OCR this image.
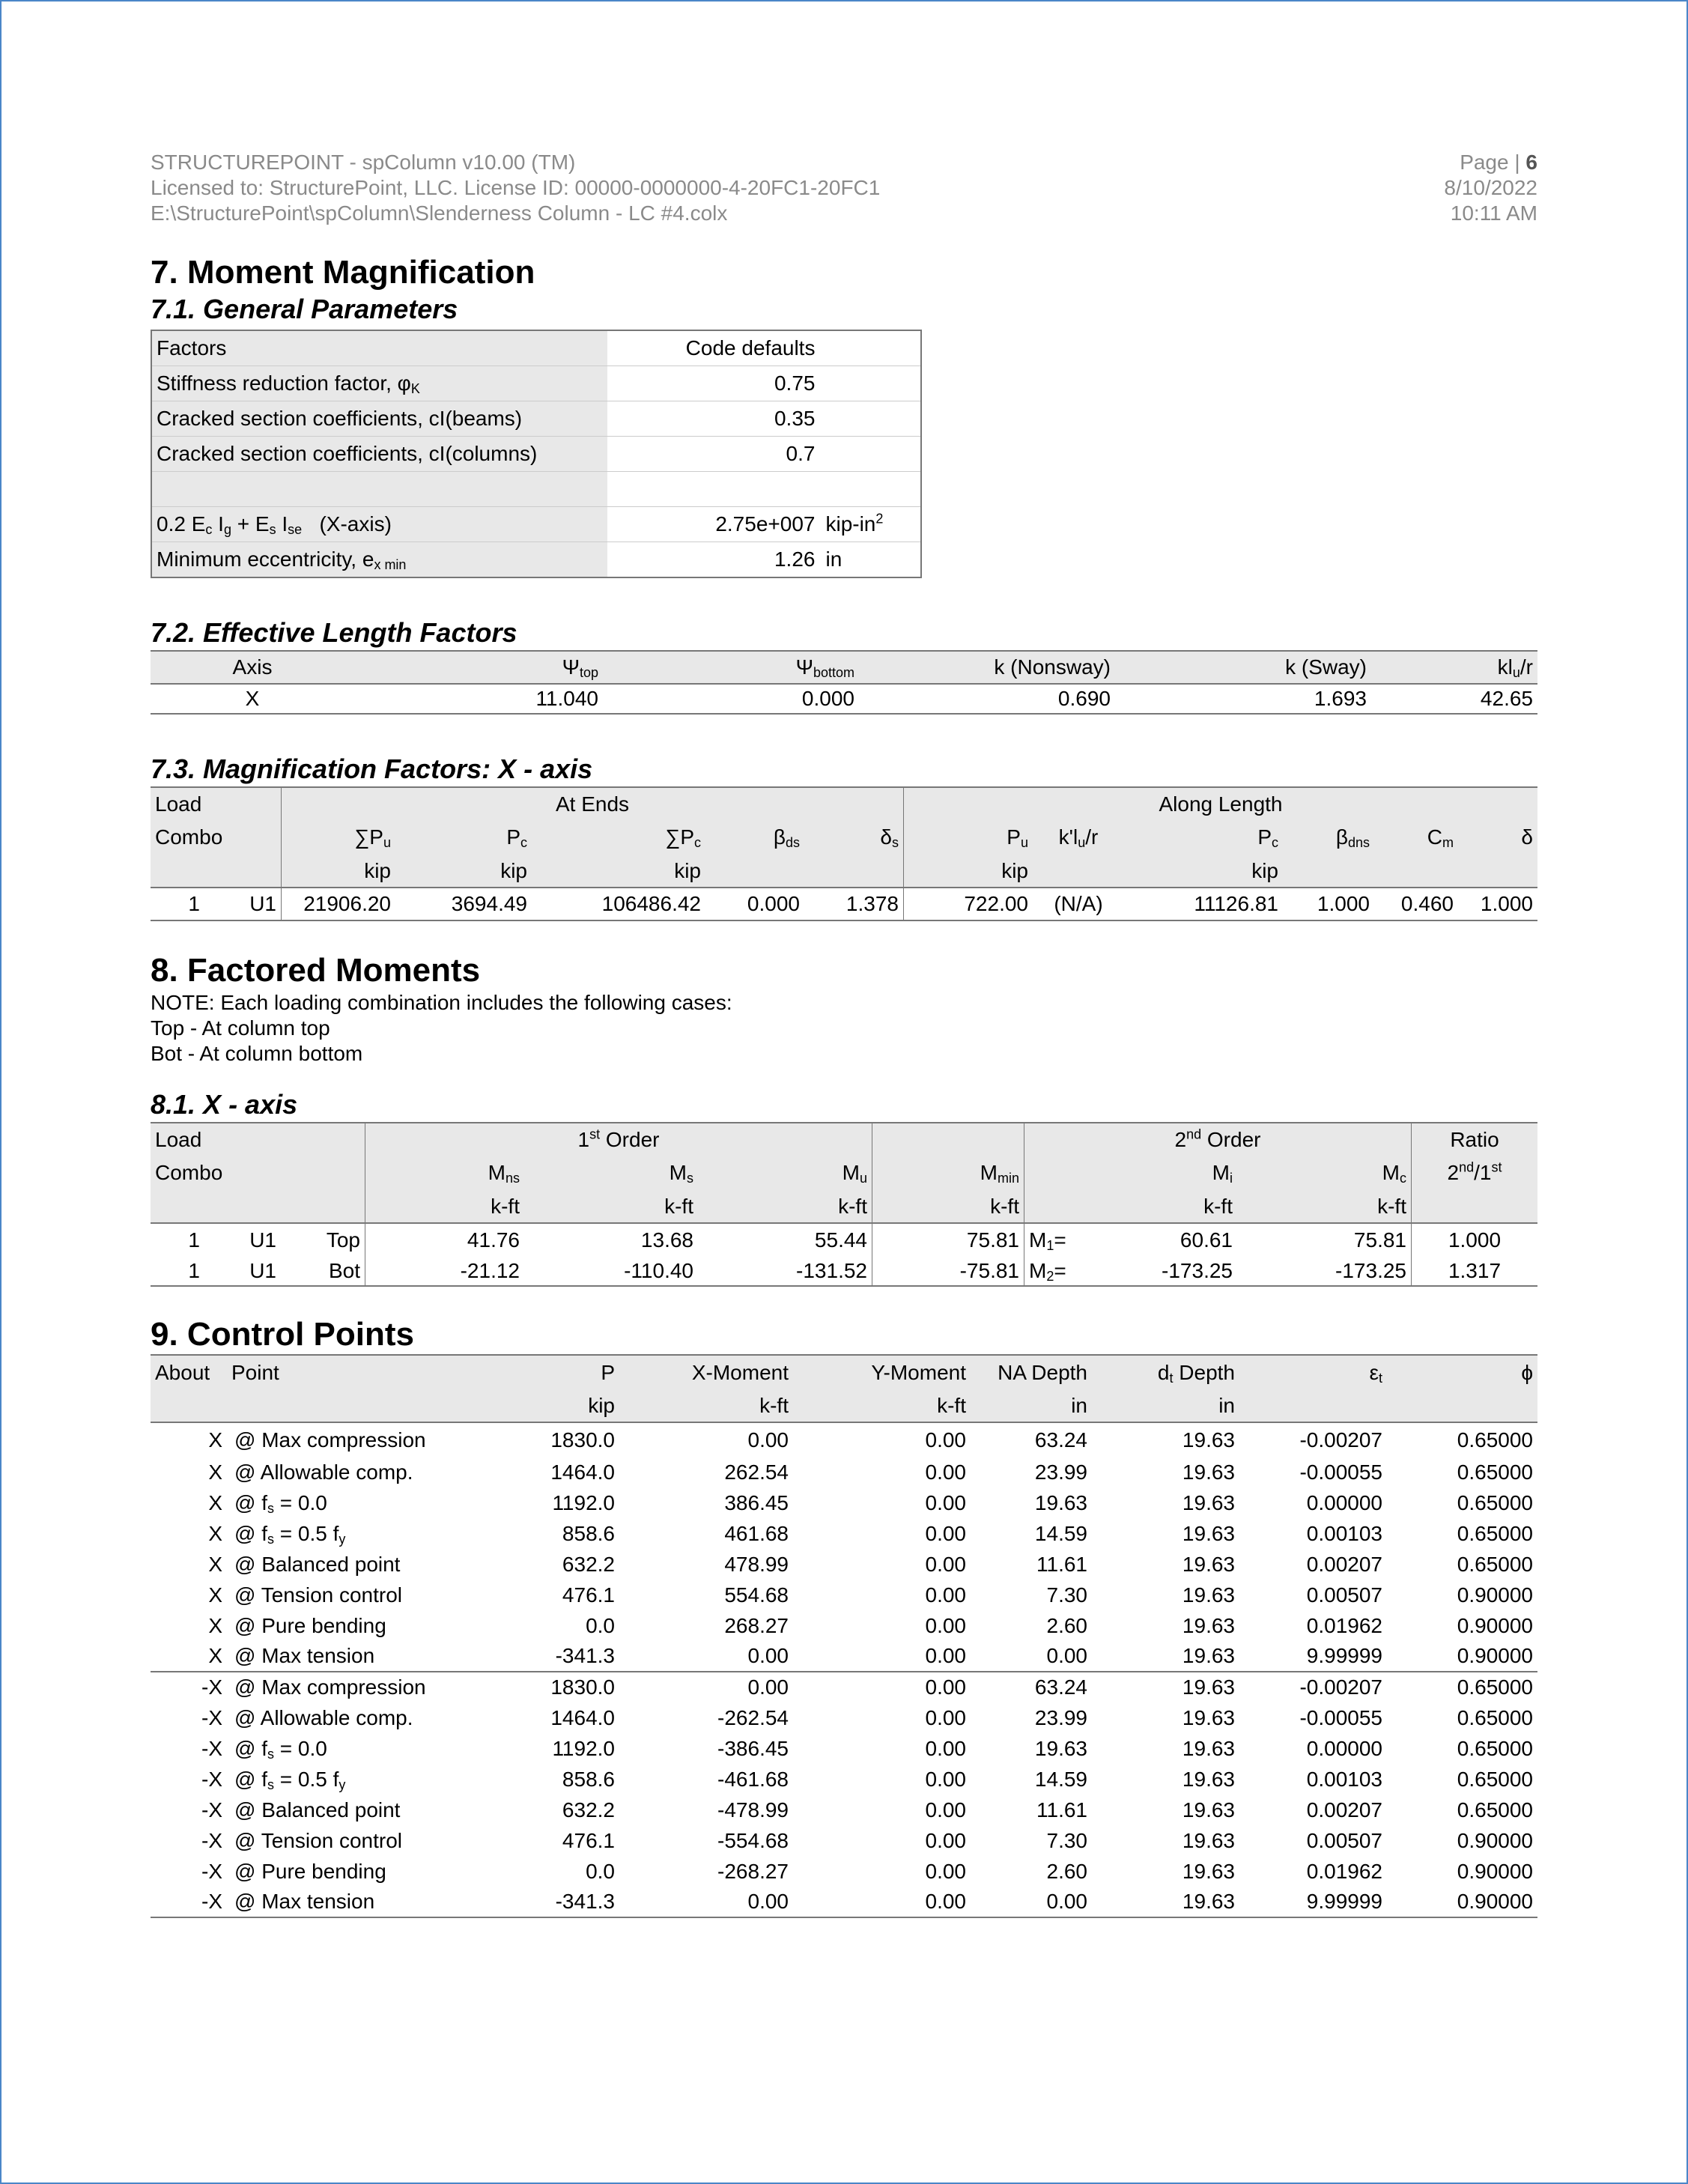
STRUCTUREPOINT - spColumn v10.00 (TM)
Licensed to: StructurePoint, LLC. License ID: 00000-0000000-4-20FC1-20FC1
E:\StructurePoint\spColumn\Slenderness Column - LC #4.colx
Page | 6
8/10/2022
10:11 AM
7. Moment Magnification
7.1. General Parameters
Factors	Code defaults	
Stiffness reduction factor, $\varphi_K$	0.75	
Cracked section coefficients, cI(beams)	0.35	
Cracked section coefficients, cI(columns)	0.7	

0.2 $E_c$ $I_g + E_s$ $I_{se}$   (X-axis)	2.75e+007	kip-$in^2$
Minimum eccentricity, $e_{x min}$	1.26	in
7.2. Effective Length Factors
Axis	$\Psi_{top}$	$\Psi_{bottom}$	k (Nonsway)	k (Sway)	$kl_u/r$
X	11.040	0.000	0.690	1.693	42.65
7.3. Magnification Factors: X - axis
Load		At Ends					Along Length					
Combo		$\sum P_u$	$P_c$	$\sum P_c$	$\beta_{ds}$	$\delta_s$	$P_u$	$k'l_u/r$	$P_c$	$\beta_{dns}$	$C_m$	δ
		kip	kip	kip			kip		kip			
1	U1	21906.20	3694.49	106486.42	0.000	1.378	722.00	(N/A)	11126.81	1.000	0.460	1.000
8. Factored Moments
NOTE: Each loading combination includes the following cases:
Top - At column top
Bot - At column bottom
8.1. X - axis
Load			1st Order				2nd Order			Ratio
Combo			$M_{ns}$	$M_s$	$M_u$	$M_{min}$		$M_i$	$M_c$	2nd/1st
			k-ft	k-ft	k-ft	k-ft		k-ft	k-ft	
1	U1	Top	41.76	13.68	55.44	75.81	$M_1=$	60.61	75.81	1.000
1	U1	Bot	-21.12	-110.40	-131.52	-75.81	$M_2=$	-173.25	-173.25	1.317
9. Control Points
About	Point	P	X-Moment	Y-Moment	NA Depth	$d_t$ Depth	$\varepsilon_t$	ϕ
		kip	k-ft	k-ft	in	in		
X	@ Max compression	1830.0	0.00	0.00	63.24	19.63	-0.00207	0.65000
X	@ Allowable comp.	1464.0	262.54	0.00	23.99	19.63	-0.00055	0.65000
X	@ $f_s = 0.0$	1192.0	386.45	0.00	19.63	19.63	0.00000	0.65000
X	@ $f_s = 0.5$ $f_y$	858.6	461.68	0.00	14.59	19.63	0.00103	0.65000
X	@ Balanced point	632.2	478.99	0.00	11.61	19.63	0.00207	0.65000
X	@ Tension control	476.1	554.68	0.00	7.30	19.63	0.00507	0.90000
X	@ Pure bending	0.0	268.27	0.00	2.60	19.63	0.01962	0.90000
X	@ Max tension	-341.3	0.00	0.00	0.00	19.63	9.99999	0.90000
-X	@ Max compression	1830.0	0.00	0.00	63.24	19.63	-0.00207	0.65000
-X	@ Allowable comp.	1464.0	-262.54	0.00	23.99	19.63	-0.00055	0.65000
-X	@ $f_s = 0.0$	1192.0	-386.45	0.00	19.63	19.63	0.00000	0.65000
-X	@ $f_s = 0.5$ $f_y$	858.6	-461.68	0.00	14.59	19.63	0.00103	0.65000
-X	@ Balanced point	632.2	-478.99	0.00	11.61	19.63	0.00207	0.65000
-X	@ Tension control	476.1	-554.68	0.00	7.30	19.63	0.00507	0.90000
-X	@ Pure bending	0.0	-268.27	0.00	2.60	19.63	0.01962	0.90000
-X	@ Max tension	-341.3	0.00	0.00	0.00	19.63	9.99999	0.90000
